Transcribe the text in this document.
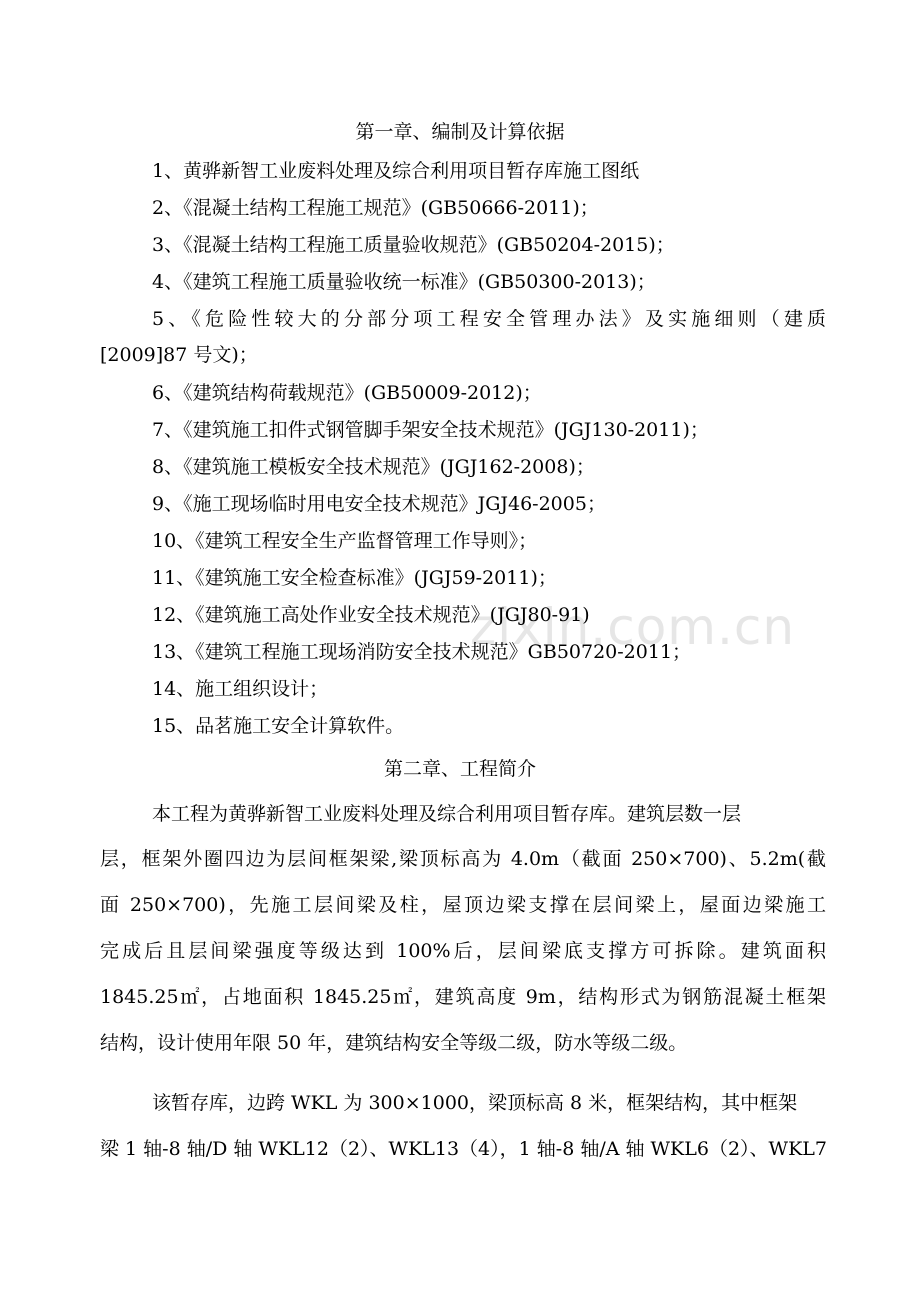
zixin.com.cn
第一章、编制及计算依据
1、黄骅新智工业废料处理及综合利用项目暂存库施工图纸
2、《混凝土结构工程施工规范》(GB50666-2011)；
3、《混凝土结构工程施工质量验收规范》(GB50204-2015)；
4、《建筑工程施工质量验收统一标准》(GB50300-2013)；
5、《危险性较大的分部分项工程安全管理办法》及实施细则（建质
[2009]87 号文)；
6、《建筑结构荷载规范》(GB50009-2012)；
7、《建筑施工扣件式钢管脚手架安全技术规范》(JGJ130-2011)；
8、《建筑施工模板安全技术规范》(JGJ162-2008)；
9、《施工现场临时用电安全技术规范》JGJ46-2005；
10、《建筑工程安全生产监督管理工作导则》；
11、《建筑施工安全检查标准》(JGJ59-2011)；
12、《建筑施工高处作业安全技术规范》(JGJ80-91)
13、《建筑工程施工现场消防安全技术规范》GB50720-2011；
14、施工组织设计；
15、品茗施工安全计算软件。
第二章、工程简介
本工程为黄骅新智工业废料处理及综合利用项目暂存库。建筑层数一层
层，框架外圈四边为层间框架梁,梁顶标高为 4.0m（截面 250×700)、5.2m(截
面 250×700)，先施工层间梁及柱，屋顶边梁支撑在层间梁上，屋面边梁施工
完成后且层间梁强度等级达到 100%后，层间梁底支撑方可拆除。建筑面积
1845.25㎡，占地面积 1845.25㎡，建筑高度 9m，结构形式为钢筋混凝土框架
结构，设计使用年限 50 年，建筑结构安全等级二级，防水等级二级。
该暂存库，边跨 WKL 为 300×1000，梁顶标高 8 米，框架结构，其中框架
梁 1 轴-8 轴/D 轴 WKL12（2）、WKL13（4），1 轴-8 轴/A 轴 WKL6（2）、WKL7
